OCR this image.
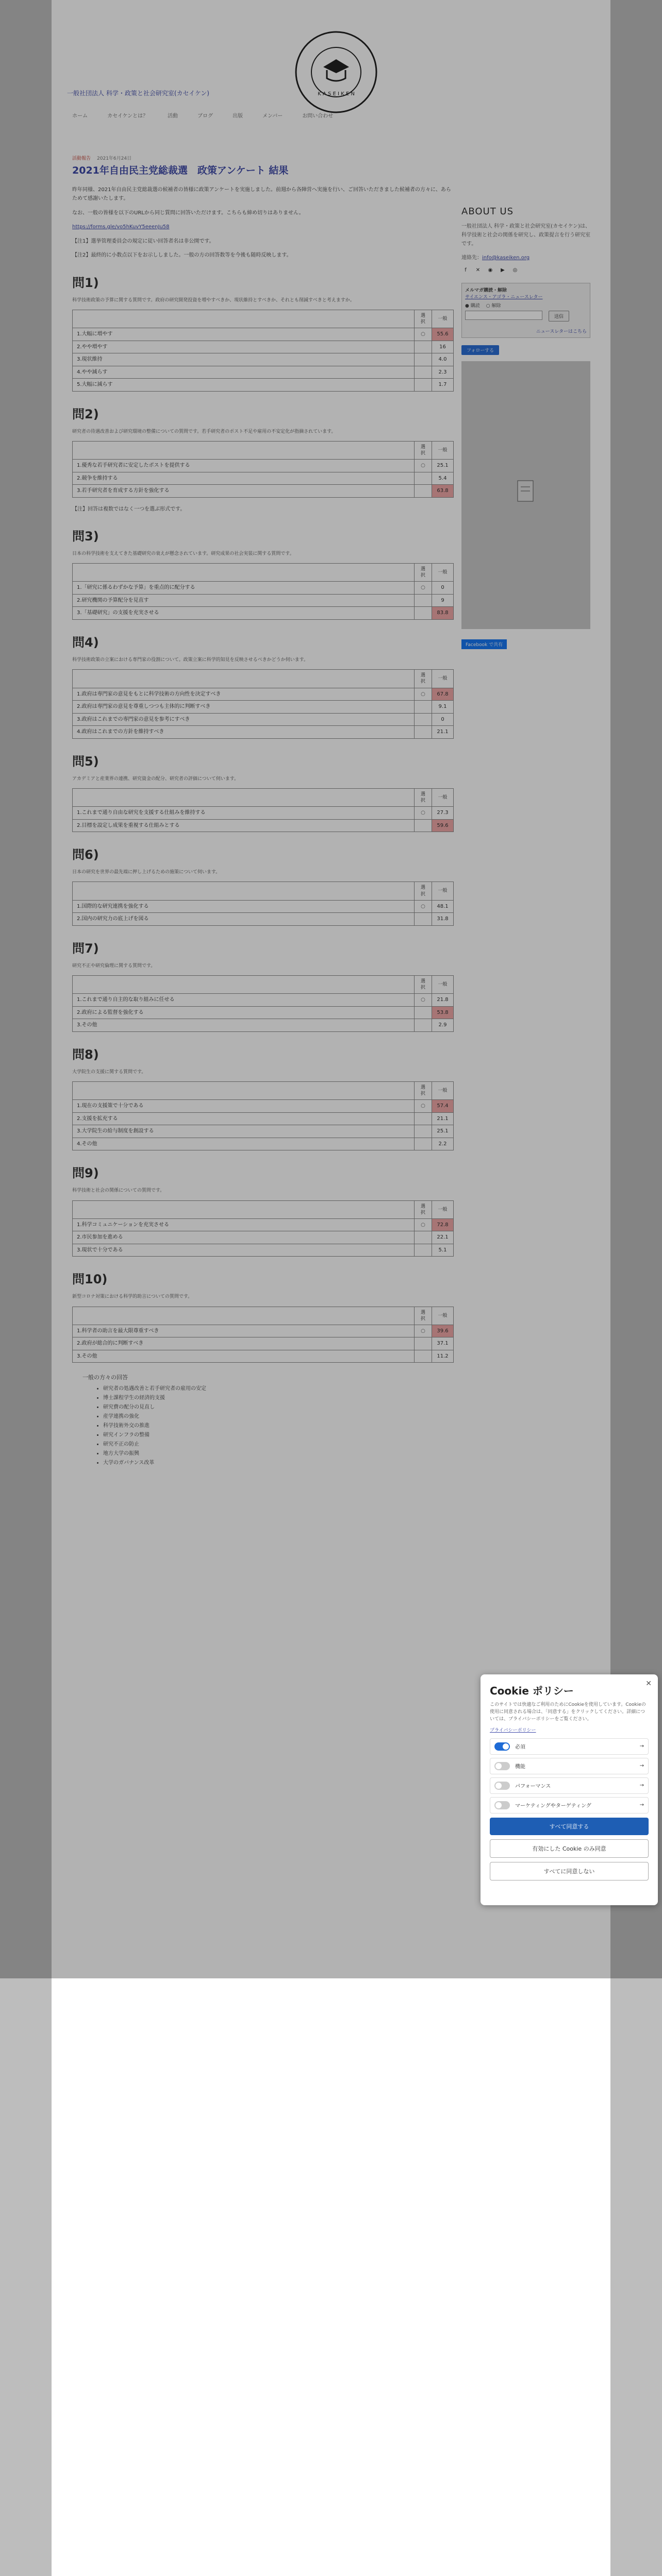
K A S E I K E N
一般社団法人 科学・政策と社会研究室(カセイケン)
ホーム	カセイケンとは？	活動	ブログ	出版	メンバー	お問い合わせ
活動報告 2021年6月24日
2021年自由民主党総裁選　政策アンケート 結果

昨年同様、2021年自由民主党総裁選の候補者の皆様に政策アンケートを実施しました。前週から各陣営へ実施を行い、ご回答いただきました候補者の方々に、あらためて感謝いたします。

なお、一般の皆様を以下のURLから同じ質問に回答いただけます。こちらも締め切りはありません。

https://forms.gle/vo5hKuvY5eeenJu58

【注1】選挙管理委員会の規定に従い回答者名は非公開です。

【注2】最終的に小数点以下をお示ししました。一般の方の回答数等を今後も随時反映します。

問1)

科学技術政策の予算に関する質問です。政府の研究開発投資を増やすべきか、現状維持とすべきか、それとも削減すべきと考えますか。

	選択	一般
1.大幅に増やす	○	55.6
2.やや増やす		16
3.現状維持		4.0
4.やや減らす		2.3
5.大幅に減らす		1.7
問2)

研究者の待遇改善および研究環境の整備についての質問です。若手研究者のポスト不足や雇用の不安定化が指摘されています。

	選択	一般
1.優秀な若手研究者に安定したポストを提供する	○	25.1
2.競争を維持する		5.4
3.若手研究者を育成する方針を強化する		63.8

【注】回答は複数ではなく一つを選ぶ形式です。

問3)

日本の科学技術を支えてきた基礎研究の衰えが懸念されています。研究成果の社会実装に関する質問です。

	選択	一般
1.「研究に係るわずかな予算」を重点的に配分する	○	0
2.研究機関の予算配分を見直す		9
3.「基礎研究」の支援を充実させる		83.8
問4)

科学技術政策の立案における専門家の役割について。政策立案に科学的知見を反映させるべきかどうか伺います。

	選択	一般
1.政府は専門家の意見をもとに科学技術の方向性を決定すべき	○	67.8
2.政府は専門家の意見を尊重しつつも主体的に判断すべき		9.1
3.政府はこれまでの専門家の意見を参考にすべき		0
4.政府はこれまでの方針を維持すべき		21.1
問5)

アカデミアと産業界の連携、研究資金の配分、研究者の評価について伺います。

	選択	一般
1.これまで通り自由な研究を支援する仕組みを維持する	○	27.3
2.目標を設定し成果を重視する仕組みとする		59.6
問6)

日本の研究を世界の最先端に押し上げるための施策について伺います。

	選択	一般
1.国際的な研究連携を強化する	○	48.1
2.国内の研究力の底上げを図る		31.8
問7)

研究不正や研究倫理に関する質問です。

	選択	一般
1.これまで通り自主的な取り組みに任せる	○	21.8
2.政府による監督を強化する		53.8
3.その他		2.9
問8)

大学院生の支援に関する質問です。

	選択	一般
1.現在の支援策で十分である	○	57.4
2.支援を拡充する		21.1
3.大学院生の給与制度を創設する		25.1
4.その他		2.2
問9)

科学技術と社会の関係についての質問です。

	選択	一般
1.科学コミュニケーションを充実させる	○	72.8
2.市民参加を進める		22.1
3.現状で十分である		5.1
問10)

新型コロナ対策における科学的助言についての質問です。

	選択	一般
1.科学者の助言を最大限尊重すべき	○	39.6
2.政府が総合的に判断すべき		37.1
3.その他		11.2
一般の方々の回答
• 研究者の処遇改善と若手研究者の雇用の安定
• 博士課程学生の経済的支援
• 研究費の配分の見直し
• 産学連携の強化
• 科学技術外交の推進
• 研究インフラの整備
• 研究不正の防止
• 地方大学の振興
• 大学のガバナンス改革
ABOUT US

一般社団法人 科学・政策と社会研究室(カセイケン)は、科学技術と社会の関係を研究し、政策提言を行う研究室です。

連絡先：info@kaseiken.org

f	✕	◉	▶	◎
メルマガ購読・解除
サイエンス・アゴラ・ニュースレター
● 購読 ○ 解除
送信
ニュースレターはこちら
フォローする
Facebook で共有
✕
Cookie ポリシー

このサイトでは快適なご利用のためにCookieを使用しています。Cookieの使用に同意される場合は、「同意する」をクリックしてください。詳細については、プライバシーポリシーをご覧ください。

プライバシーポリシー
必須	→
機能	→
パフォーマンス	→
マーケティングやターゲティング	→
すべて同意する
有効にした Cookie のみ同意
すべてに同意しない
